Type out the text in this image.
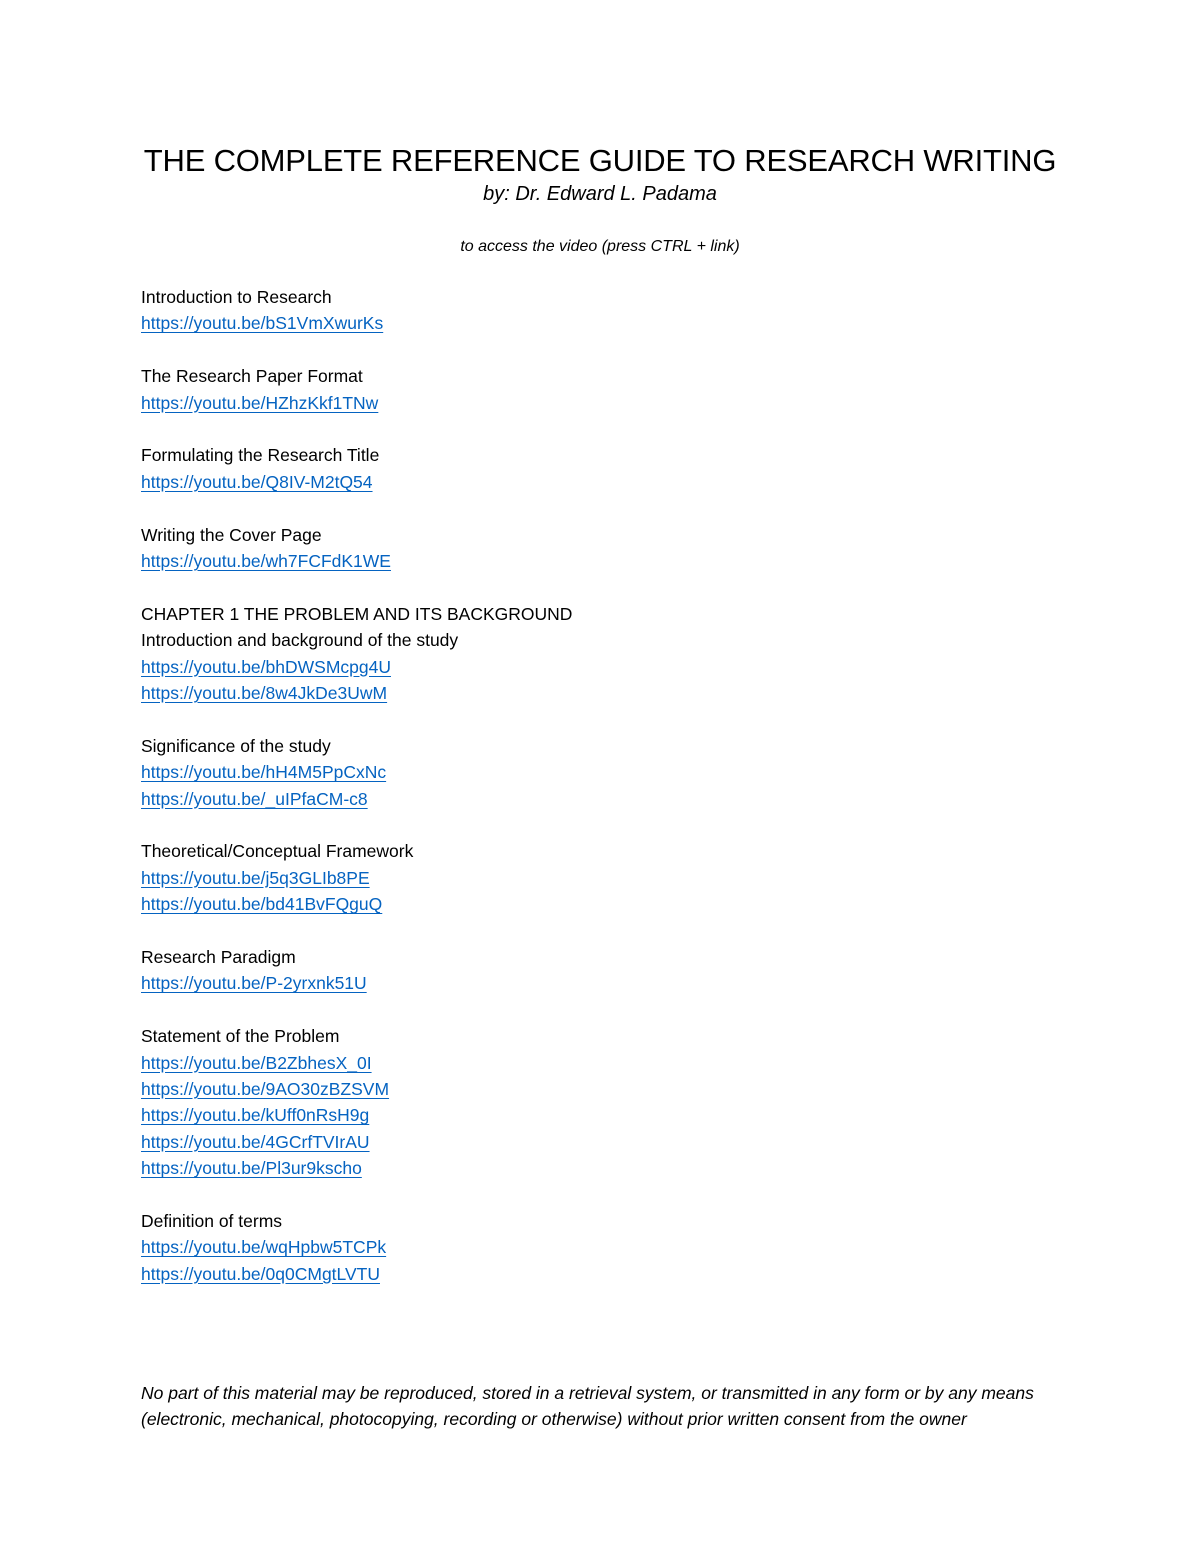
THE COMPLETE REFERENCE GUIDE TO RESEARCH WRITING
by: Dr. Edward L. Padama
to access the video (press CTRL + link)
Introduction to Research
https://youtu.be/bS1VmXwurKs
The Research Paper Format
https://youtu.be/HZhzKkf1TNw
Formulating the Research Title
https://youtu.be/Q8IV-M2tQ54
Writing the Cover Page
https://youtu.be/wh7FCFdK1WE
CHAPTER 1 THE PROBLEM AND ITS BACKGROUND
Introduction and background of the study
https://youtu.be/bhDWSMcpg4U
https://youtu.be/8w4JkDe3UwM
Significance of the study
https://youtu.be/hH4M5PpCxNc
https://youtu.be/_uIPfaCM-c8
Theoretical/Conceptual Framework
https://youtu.be/j5q3GLIb8PE
https://youtu.be/bd41BvFQguQ
Research Paradigm
https://youtu.be/P-2yrxnk51U
Statement of the Problem
https://youtu.be/B2ZbhesX_0I
https://youtu.be/9AO30zBZSVM
https://youtu.be/kUff0nRsH9g
https://youtu.be/4GCrfTVIrAU
https://youtu.be/Pl3ur9kscho
Definition of terms
https://youtu.be/wqHpbw5TCPk
https://youtu.be/0q0CMgtLVTU
No part of this material may be reproduced, stored in a retrieval system, or transmitted in any form or by any means (electronic, mechanical, photocopying, recording or otherwise) without prior written consent from the owner
